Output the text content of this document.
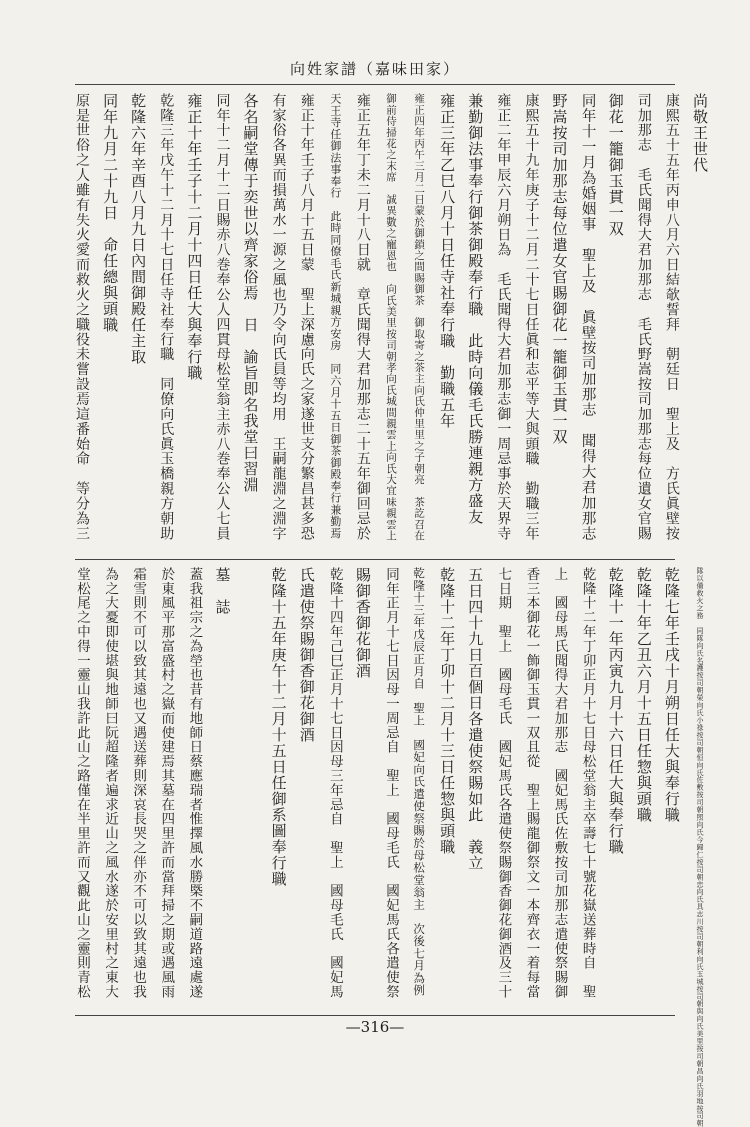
向姓家譜（嘉味田家）
尚敬王世代
康熙五十五年丙申八月六日結欹誓拜　朝廷日　聖上及　方氏眞壁按
司加那志　毛氏聞得大君加那志　毛氏野嵩按司加那志每位遺女官賜
御花一籠御玉貫一双
同年十一月為婚姻事　聖上及　眞壁按司加那志　聞得大君加那志
野嵩按司加那志每位遣女官賜御花一籠御玉貫一双
康熙五十九年庚子十二月二十七日任眞和志平等大與頭職　勤職三年
雍正二年甲辰六月朔日為　毛氏聞得大君加那志御一周忌事於天界寺
兼勤御法事奉行御茶御殿奉行職　此時向儀毛氏勝連親方盛友
雍正三年乙巳八月十日任寺社奉行職　勤職五年
雍正四年丙午三月二日蒙於御鎖之間賜御茶　御取寄之茶主向氏仲里里之子朝亮　茶訖召在
御前侍掃花之末席　誠異數之寵恩也　向氏美里按司朝孝向氏城間親雲上向氏大宜味親雲上
雍正五年丁未二月十八日就　章氏聞得大君加那志二十五年御回忌於
天王寺任御法事奉行　此時同僚毛氏新城親方安房　同六月十五日御茶御殿奉行兼勤焉
雍正十年壬子八月十五日蒙　聖上深慮向氏之家遂世支分繁昌甚多恐
有家俗各異而損萬水一源之風也乃令向氏員等均用　王嗣龍淵之淵字
各名嗣堂傳于奕世以齊家俗焉　日　諭旨即名我堂曰習淵
同年十二月十二日賜赤八巻奉公人四貫母松堂翁主赤八巻奉公人七員
雍正十年壬子十二月十四日任大與奉行職
乾隆三年戊午十二月十七日任寺社奉行職　同僚向氏眞玉橋親方朝助
乾隆六年辛酉八月九日內間御殿任主取
同年九月二十九日　命任總與頭職
原是世俗之人雖有失火愛而救火之職役未嘗設焉這番始命　等分為三
隊以備救火之務　同隊向氏名護按司朝榮向氏小祿按司朝恒向氏佐敷按司朝照向氏今歸仁按司朝忠向氏具志川按司朝利向氏玉城按司朝與向氏美里按司朝昌向氏羽地按司朝
乾隆七年壬戌十月朔日任大與奉行職
乾隆十年乙丑六月十五日任惣與頭職
乾隆十一年丙寅九月十六日任大與奉行職
乾隆十二年丁卯正月十七日母松堂翁主卒壽七十號花嶽送葬時自　聖
上　國母馬氏聞得大君加那志　國妃馬氏佐敷按司加那志遣使祭賜御
香三本御花一飾御玉貫一双且從　聖上賜龍御祭文一本齊衣一着每當
七日期　聖上　國母毛氏　國妃馬氏各遣使祭賜御香御花御酒及三十
五日四十九日百個日各遣使祭賜如此　義立
乾隆十二年丁卯十二月十三日任惣與頭職
乾隆十三年戊辰正月自　聖上　國妃向氏遣使祭賜於母松堂翁主　次後七月為例
同年正月十七日因母一周忌自　聖上　國母毛氏　國妃馬氏各遣使祭
賜御香御花御酒
乾隆十四年己巳正月十七日因母三年忌自　聖上　國母毛氏　國妃馬
氏遣使祭賜御香御花御酒
乾隆十五年庚午十二月十五日任御系圖奉行職
墓　誌
蓋我祖宗之為塋也昔有地師日蔡應瑞者惟擇風水勝槩不嗣道路遠處遂
於東風平那富盛村之嶽而使建焉其墓在四里許而當拜掃之期或遇風雨
霜雪則不可以致其遠也又遇送葬則深哀長哭之伴亦不可以致其遠也我
為之大憂即使堪與地師曰阮超隆者遍求近山之風水遂於安里村之東大
堂松尾之中得一靈山我許此山之路僅在半里許而又觀此山之靈則青松
—316—
